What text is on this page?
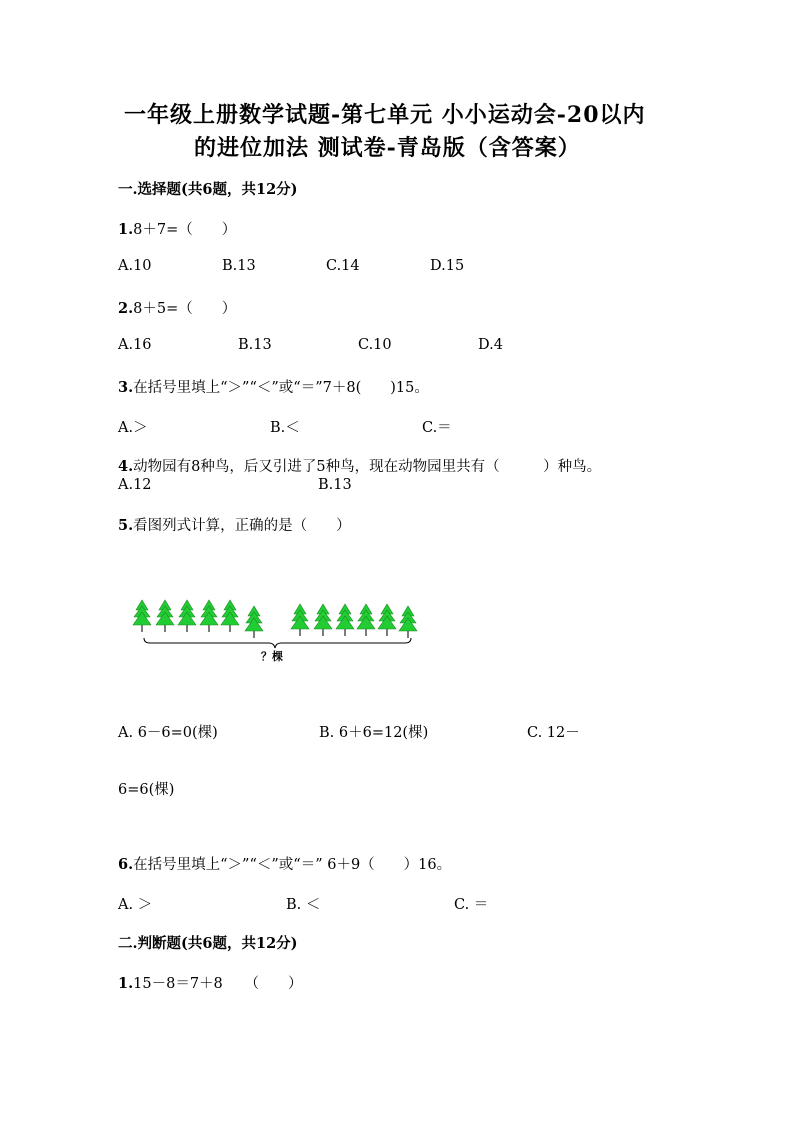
一年级上册数学试题-第七单元 小小运动会-20以内
的进位加法 测试卷-青岛版（含答案）
一.选择题(共6题，共12分)
1.8＋7=（　　）
A.10	B.13	C.14	D.15
2.8＋5=（　　）
A.16	B.13	C.10	D.4
3.在括号里填上“＞”“＜”或“＝”7＋8(　　)15。
A.＞	B.＜	C.＝
4.动物园有8种鸟，后又引进了5种鸟，现在动物园里共有（　　　）种鸟。
A.12	B.13
5.看图列式计算，正确的是（　　）
？棵
A. 6－6=0(棵)	B. 6＋6=12(棵)	C. 12－
6=6(棵)
6.在括号里填上“＞”“＜”或“＝” 6＋9（　　）16。
A. ＞	B. ＜	C. ＝
二.判断题(共6题，共12分)
1.15－8＝7＋8　　（　　）
